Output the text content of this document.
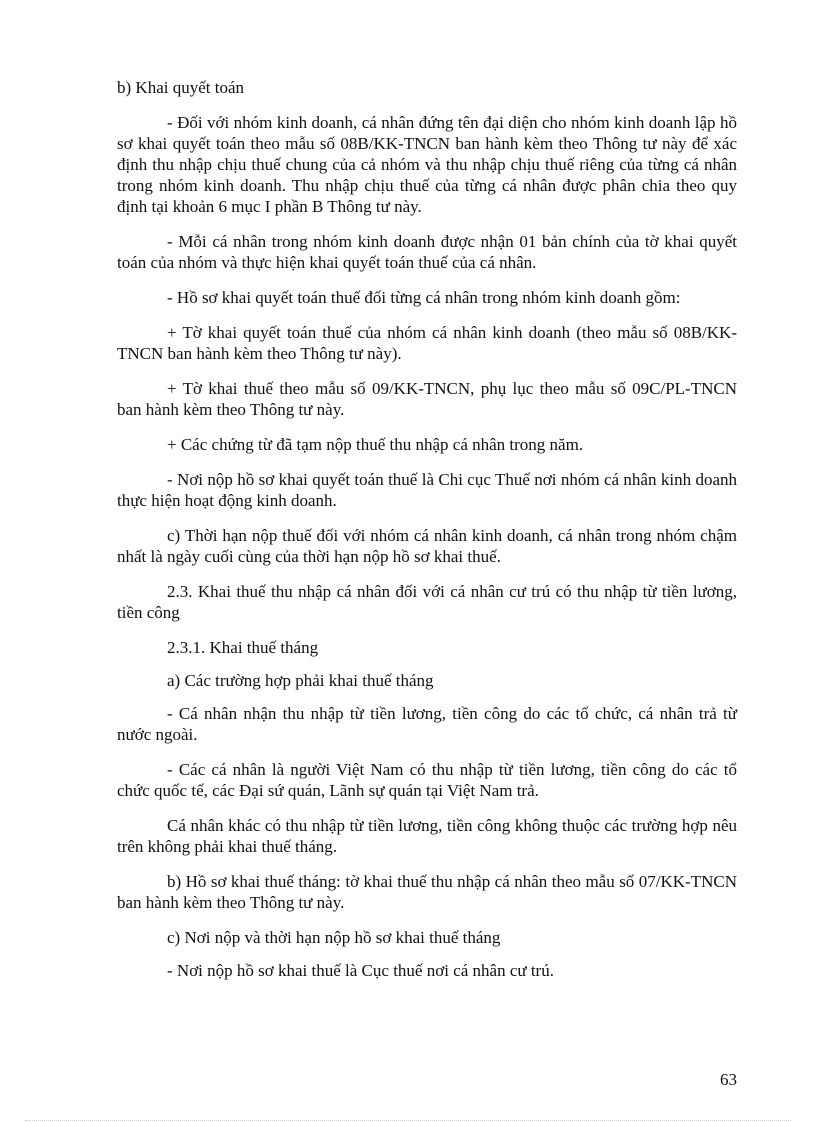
b) Khai quyết toán

- Đối với nhóm kinh doanh, cá nhân đứng tên đại diện cho nhóm kinh doanh lập hồ sơ khai quyết toán theo mẫu số 08B/KK-TNCN ban hành kèm theo Thông tư này để xác định thu nhập chịu thuế chung của cả nhóm và thu nhập chịu thuế riêng của từng cá nhân trong nhóm kinh doanh. Thu nhập chịu thuế của từng cá nhân được phân chia theo quy định tại khoản 6 mục I phần B Thông tư này.

- Mỗi cá nhân trong nhóm kinh doanh được nhận 01 bản chính của tờ khai quyết toán của nhóm và thực hiện khai quyết toán thuế của cá nhân.

- Hồ sơ khai quyết toán thuế đối từng cá nhân trong nhóm kinh doanh gồm:

+ Tờ khai quyết toán thuế của nhóm cá nhân kinh doanh (theo mẫu số 08B/KK-TNCN ban hành kèm theo Thông tư này).

+ Tờ khai thuế theo mẫu số 09/KK-TNCN, phụ lục theo mẫu số 09C/PL-TNCN ban hành kèm theo Thông tư này.

+ Các chứng từ đã tạm nộp thuế thu nhập cá nhân trong năm.

- Nơi nộp hồ sơ khai quyết toán thuế là Chi cục Thuế nơi nhóm cá nhân kinh doanh thực hiện hoạt động kinh doanh.

c) Thời hạn nộp thuế đối với nhóm cá nhân kinh doanh, cá nhân trong nhóm chậm nhất là ngày cuối cùng của thời hạn nộp hồ sơ khai thuế.

2.3. Khai thuế thu nhập cá nhân đối với cá nhân cư trú có thu nhập từ tiền lương, tiền công

2.3.1. Khai thuế tháng

a) Các trường hợp phải khai thuế tháng

- Cá nhân nhận thu nhập từ tiền lương, tiền công do các tổ chức, cá nhân trả từ nước ngoài.

- Các cá nhân là người Việt Nam có thu nhập từ tiền lương, tiền công do các tổ chức quốc tế, các Đại sứ quán, Lãnh sự quán tại Việt Nam trả.

Cá nhân khác có thu nhập từ tiền lương, tiền công không thuộc các trường hợp nêu trên không phải khai thuế tháng.

b) Hồ sơ khai thuế tháng: tờ khai thuế thu nhập cá nhân theo mẫu số 07/KK-TNCN ban hành kèm theo Thông tư này.

c) Nơi nộp và thời hạn nộp hồ sơ khai thuế tháng

- Nơi nộp hồ sơ khai thuế là Cục thuế nơi cá nhân cư trú.

63
